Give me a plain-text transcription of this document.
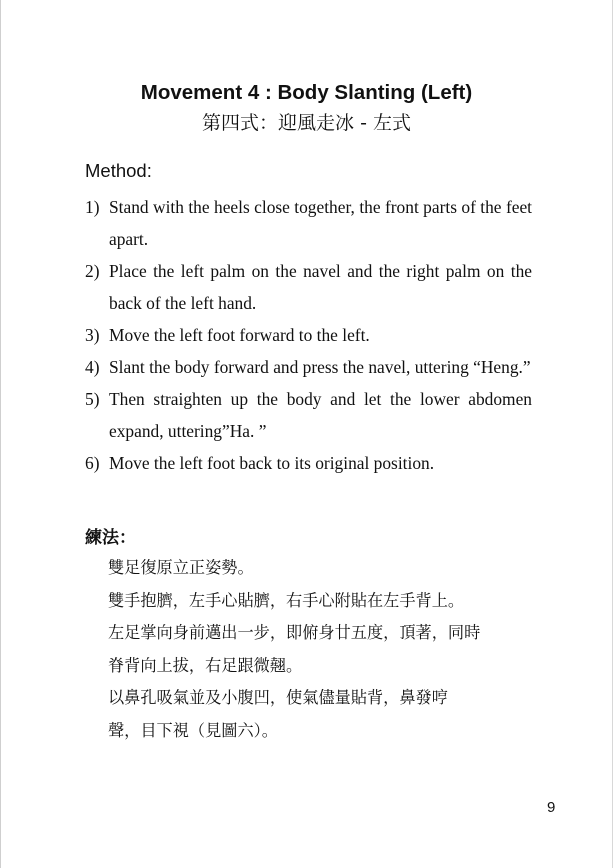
Movement 4 : Body Slanting (Left)
第四式：迎風走冰 - 左式
Method:
1) Stand with the heels close together, the front parts of the feet apart.
2) Place the left palm on the navel and the right palm on the back of the left hand.
3) Move the left foot forward to the left.
4) Slant the body forward and press the navel, uttering “Heng.”
5) Then straighten up the body and let the lower abdomen expand, uttering”Ha. ”
6) Move the left foot back to its original position.
練法：
雙足復原立正姿勢。
雙手抱臍，左手心貼臍，右手心附貼在左手背上。
左足掌向身前邁出一步，即俯身廿五度，頂著，同時
脊背向上拔，右足跟微翹。
以鼻孔吸氣並及小腹凹，使氣儘量貼背，鼻發哼
聲，目下視（見圖六）。
9
